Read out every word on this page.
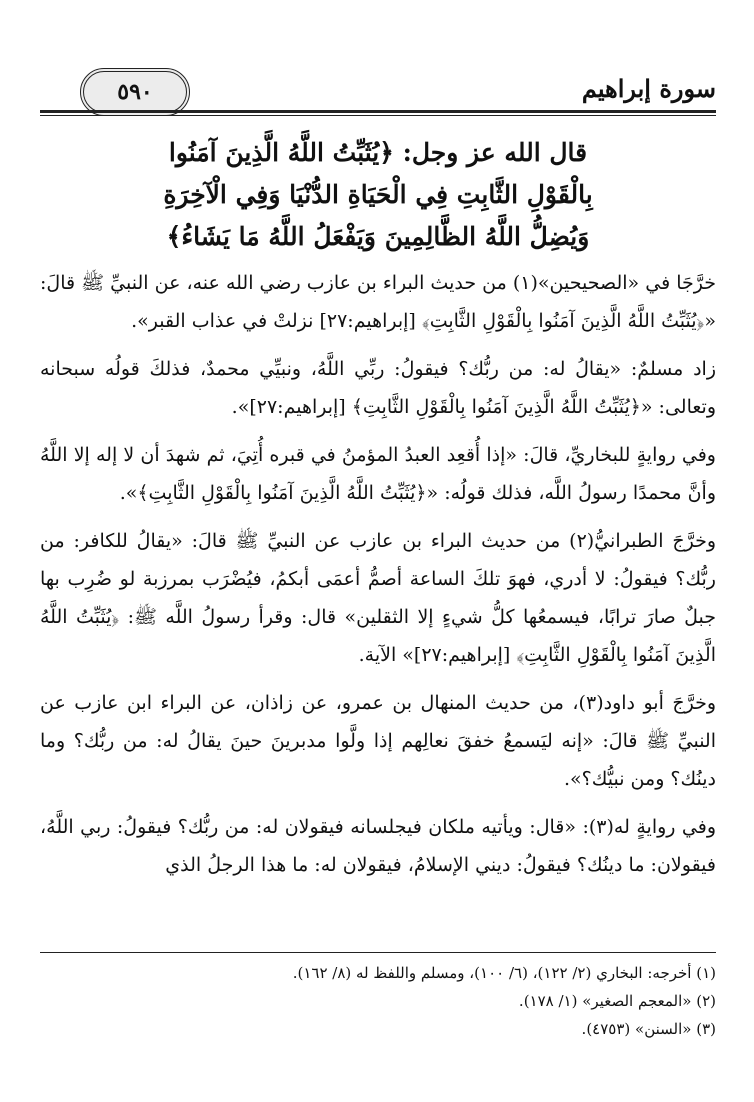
سورة إبراهيم
٥٩٠
قال الله عز وجل: ﴿يُثَبِّتُ اللَّهُ الَّذِينَ آمَنُوا
بِالْقَوْلِ الثَّابِتِ فِي الْحَيَاةِ الدُّنْيَا وَفِي الْآخِرَةِ
وَيُضِلُّ اللَّهُ الظَّالِمِينَ وَيَفْعَلُ اللَّهُ مَا يَشَاءُ﴾

خرَّجَا في «الصحيحين»(١) من حديث البراء بن عازب رضي الله عنه، عن النبيِّ ﷺ قالَ: «﴿يُثَبِّتُ اللَّهُ الَّذِينَ آمَنُوا بِالْقَوْلِ الثَّابِتِ﴾ [إبراهيم:٢٧] نزلتْ في عذاب القبر».

زاد مسلمٌ: «يقالُ له: من ربُّك؟ فيقولُ: ربِّي اللَّهُ، ونبيِّي محمدٌ، فذلكَ قولُه سبحانه وتعالى: «﴿يُثَبِّتُ اللَّهُ الَّذِينَ آمَنُوا بِالْقَوْلِ الثَّابِتِ﴾ [إبراهيم:٢٧]».

وفي روايةٍ للبخاريِّ، قالَ: «إذا أُقعِد العبدُ المؤمنُ في قبره أُتِيَ، ثم شهدَ أن لا إله إلا اللَّهُ وأنَّ محمدًا رسولُ اللَّه، فذلك قولُه: «﴿يُثَبِّتُ اللَّهُ الَّذِينَ آمَنُوا بِالْقَوْلِ الثَّابِتِ﴾».

وخرَّجَ الطبرانيُّ(٢) من حديث البراء بن عازب عن النبيِّ ﷺ قالَ: «يقالُ للكافر: من ربُّك؟ فيقولُ: لا أدري، فهوَ تلكَ الساعة أصمُّ أعمَى أبكمُ، فيُضْرَب بمرزبة لو ضُرِب بها جبلٌ صارَ ترابًا، فيسمعُها كلُّ شيءٍ إلا الثقلين» قال: وقرأ رسولُ اللَّه ﷺ: ﴿يُثَبِّتُ اللَّهُ الَّذِينَ آمَنُوا بِالْقَوْلِ الثَّابِتِ﴾ [إبراهيم:٢٧]» الآية.

وخرَّجَ أبو داود(٣)، من حديث المنهال بن عمرو، عن زاذان، عن البراء ابن عازب عن النبيِّ ﷺ قالَ: «إنه ليَسمعُ خفقَ نعالِهم إذا ولَّوا مدبرينَ حينَ يقالُ له: من ربُّك؟ وما دينُك؟ ومن نبيُّك؟».

وفي روايةٍ له(٣): «قال: ويأتيه ملكان فيجلسانه فيقولان له: من ربُّك؟ فيقولُ: ربي اللَّهُ، فيقولان: ما دينُك؟ فيقولُ: ديني الإسلامُ، فيقولان له: ما هذا الرجلُ الذي

(١) أخرجه: البخاري (٢/ ١٢٢)، (٦/ ١٠٠)، ومسلم واللفظ له (٨/ ١٦٢).
(٢) «المعجم الصغير» (١/ ١٧٨).
(٣) «السنن» (٤٧٥٣).
